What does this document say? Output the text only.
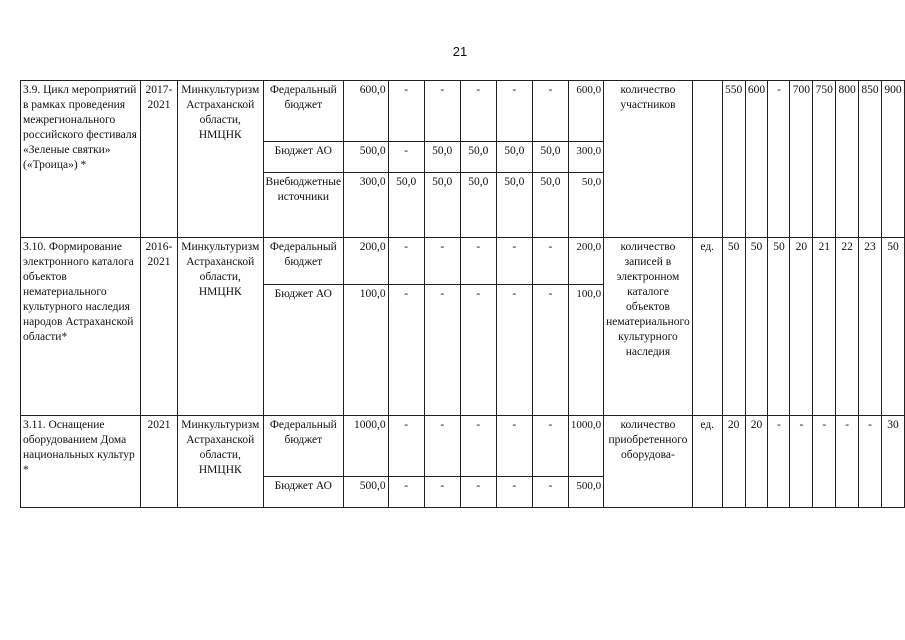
21
3.9. Цикл мероприятий в рамках проведения межрегионального российского фестиваля «Зеленые святки» («Троица») *	2017-2021	Минкультуризм Астраханской области, НМЦНК	Федеральный бюджет	600,0	-	-	-	-	-	600,0	количество участников		550	600	-	700	750	800	850	900
			Бюджет АО	500,0	-	50,0	50,0	50,0	50,0	300,0										
			Внебюджетные источники	300,0	50,0	50,0	50,0	50,0	50,0	50,0										
3.10. Формирование электронного каталога объектов нематериального культурного наследия народов Астраханской области*	2016-2021	Минкультуризм Астраханской области, НМЦНК	Федеральный бюджет	200,0	-	-	-	-	-	200,0	количество записей в электронном каталоге объектов нематериального культурного наследия	ед.	50	50	50	20	21	22	23	50
			Бюджет АО	100,0	-	-	-	-	-	100,0										
3.11. Оснащение оборудованием Дома национальных культур *	2021	Минкультуризм Астраханской области, НМЦНК	Федеральный бюджет	1000,0	-	-	-	-	-	1000,0	количество приобретенного оборудова-	ед.	20	20	-	-	-	-	-	30
			Бюджет АО	500,0	-	-	-	-	-	500,0										
